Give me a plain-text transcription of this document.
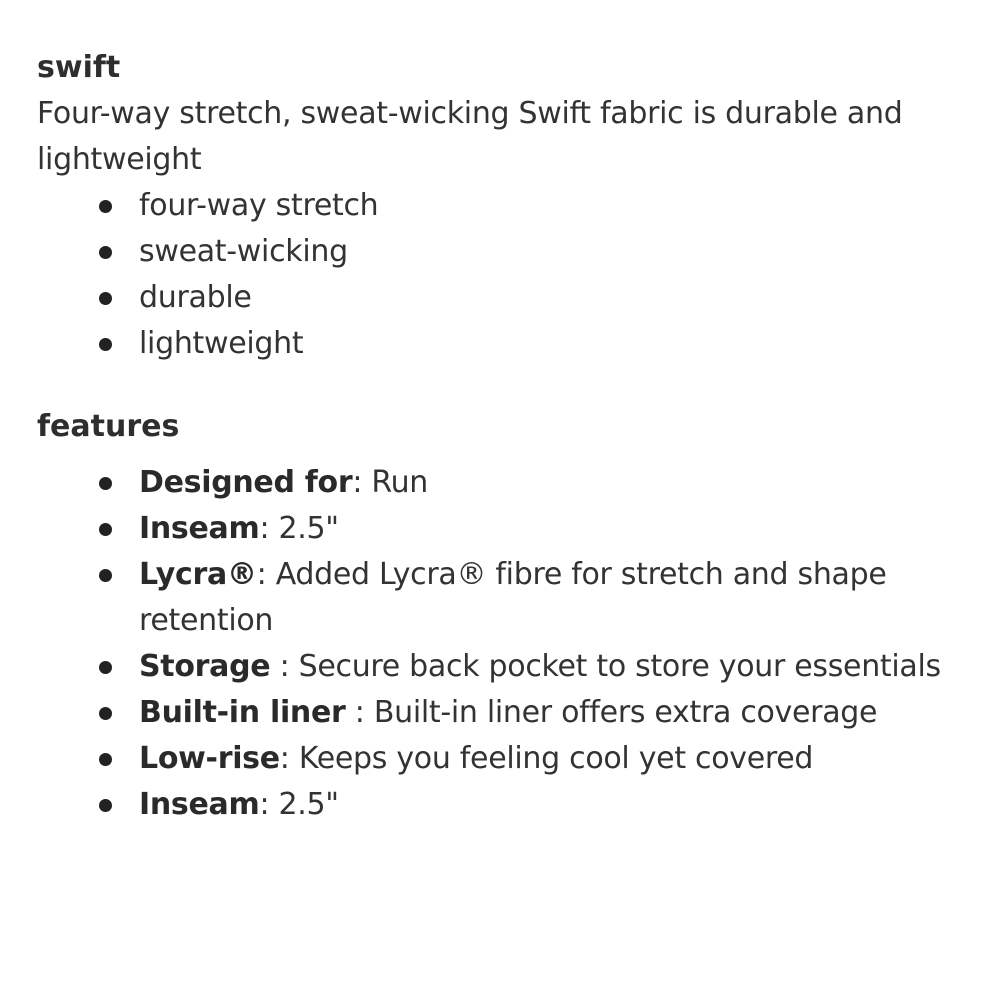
swift

Four-way stretch, sweat-wicking Swift fabric is durable and lightweight

four-way stretch
sweat-wicking
durable
lightweight
features
Designed for: Run
Inseam: 2.5"
Lycra®: Added Lycra® fibre for stretch and shape retention
Storage : Secure back pocket to store your essentials
Built-in liner : Built-in liner offers extra coverage
Low-rise: Keeps you feeling cool yet covered
Inseam: 2.5"
